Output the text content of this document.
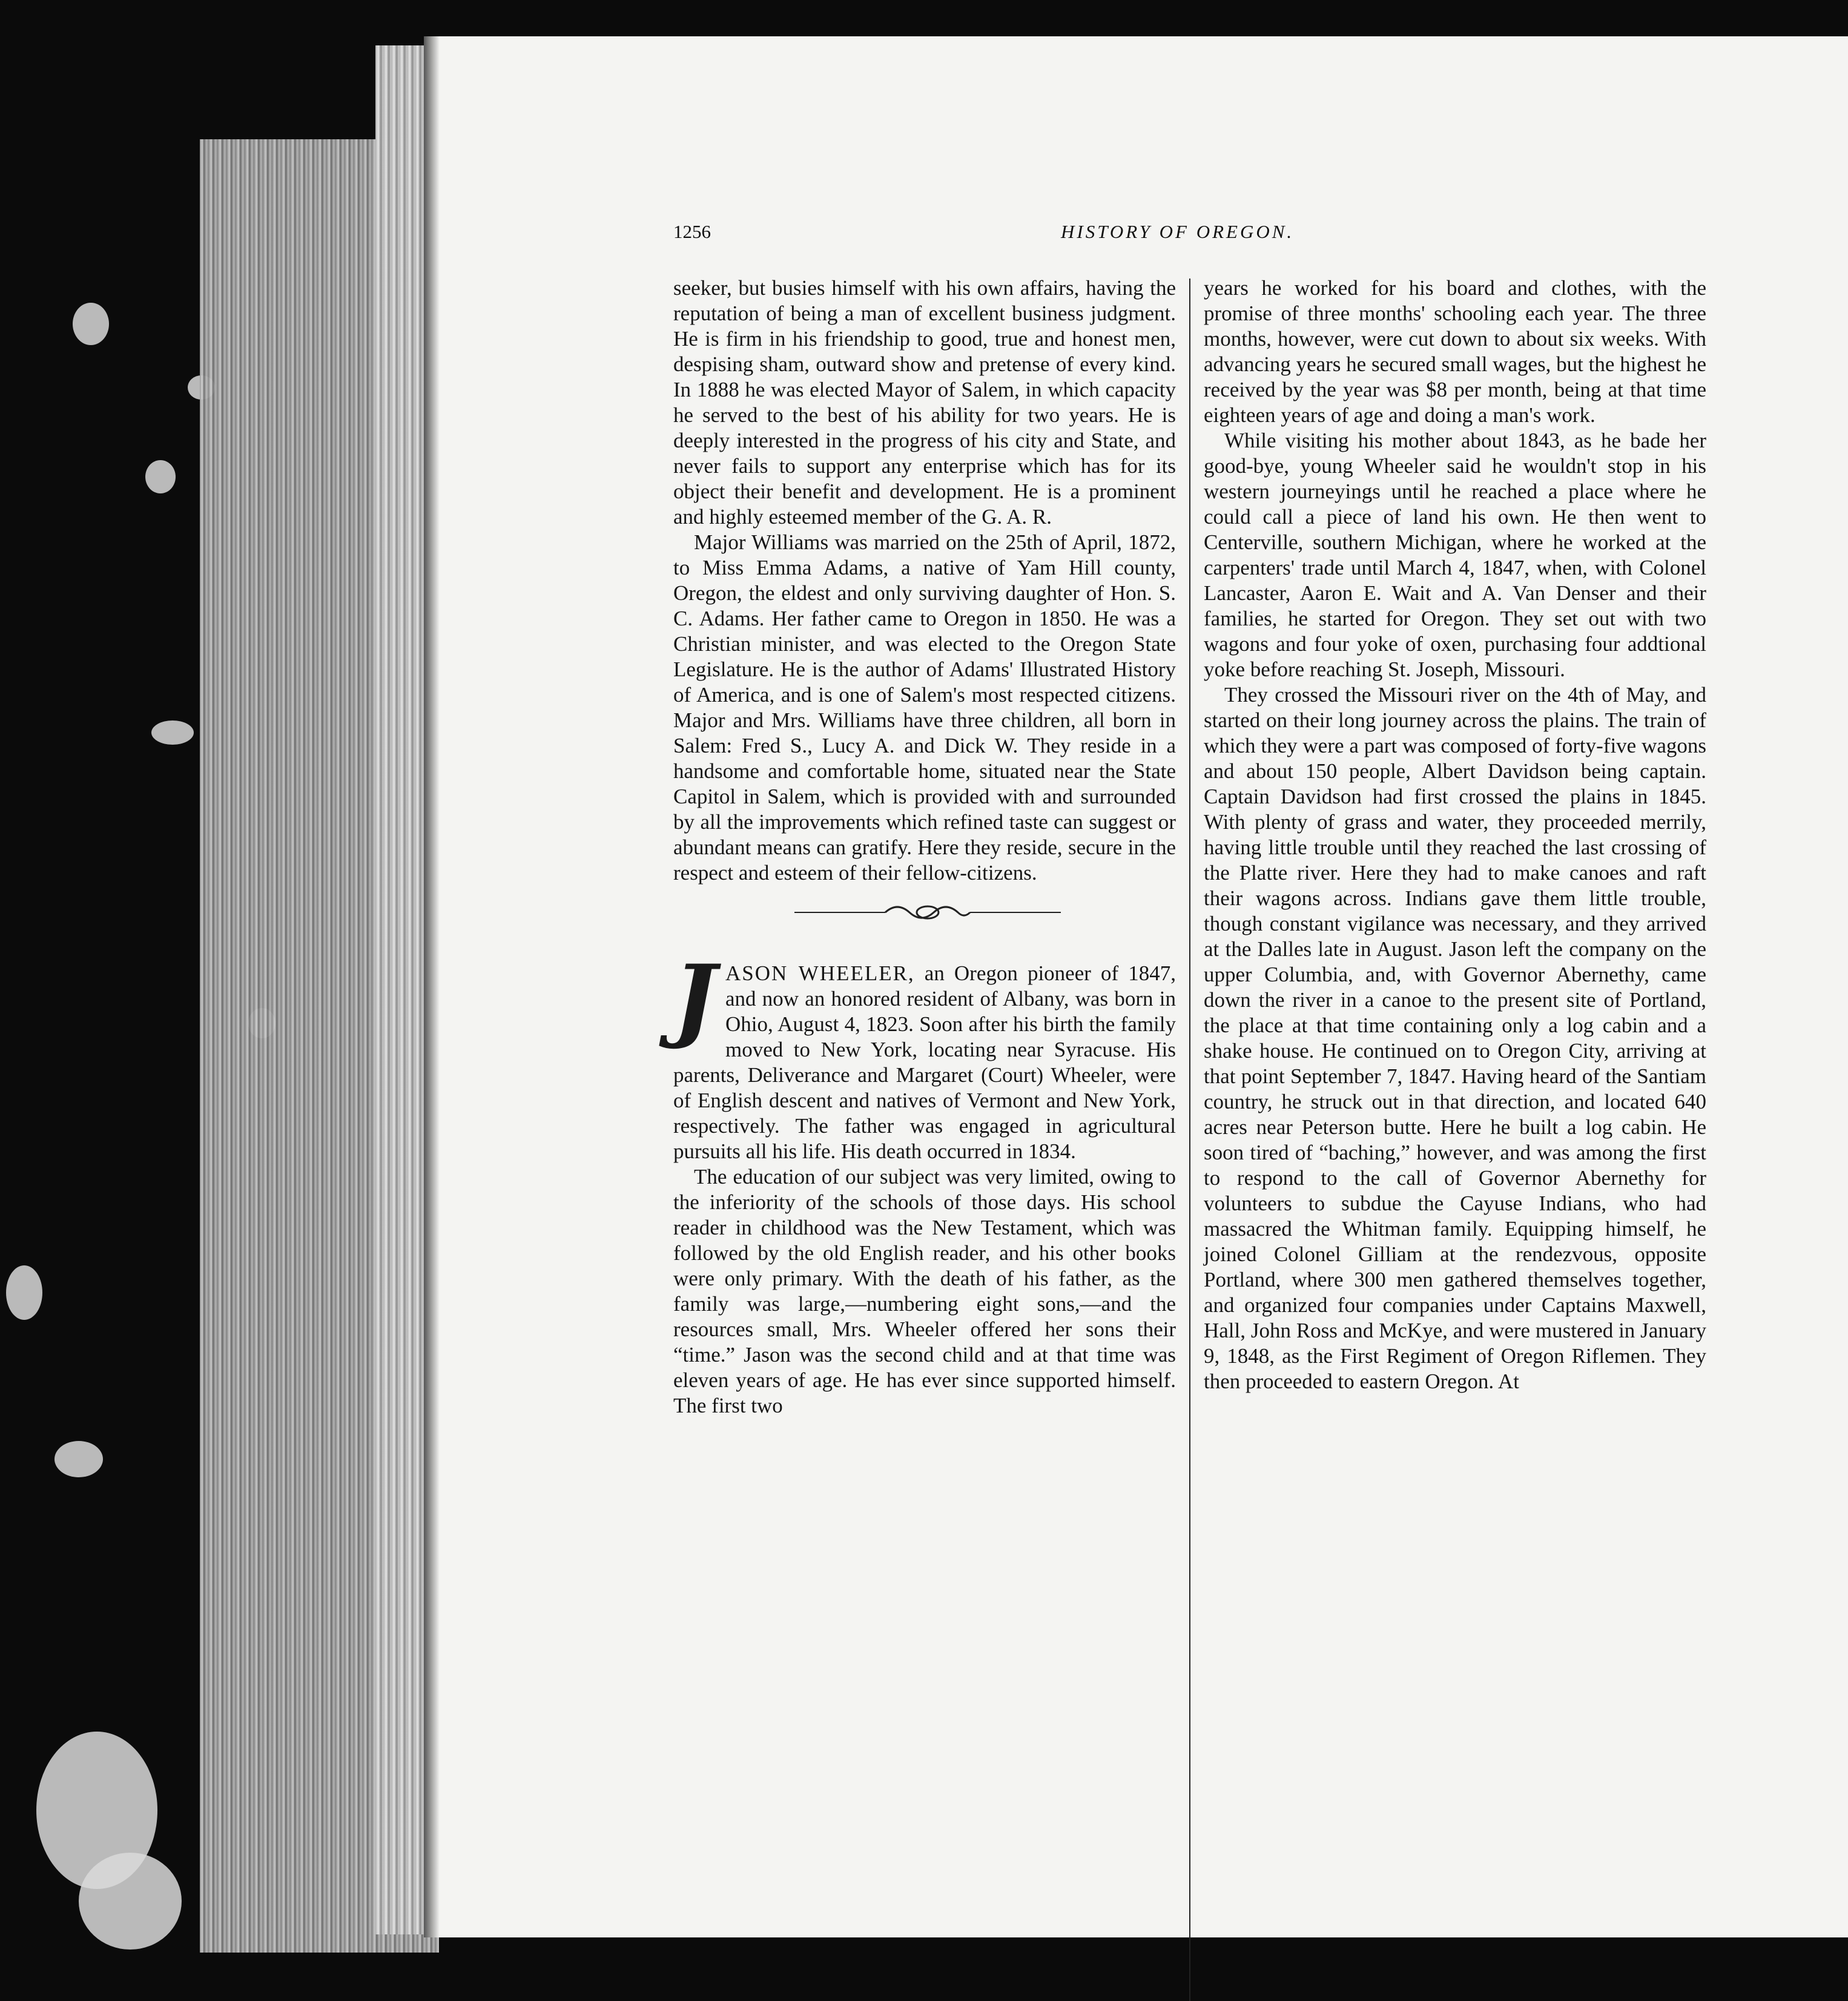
1256	HISTORY OF OREGON.

seeker, but busies himself with his own affairs, having the reputation of being a man of excellent business judgment. He is firm in his friendship to good, true and honest men, despising sham, outward show and pretense of every kind. In 1888 he was elected Mayor of Salem, in which capacity he served to the best of his ability for two years. He is deeply interested in the progress of his city and State, and never fails to support any enterprise which has for its object their benefit and development. He is a prominent and highly esteemed member of the G. A. R.

Major Williams was married on the 25th of April, 1872, to Miss Emma Adams, a native of Yam Hill county, Oregon, the eldest and only surviving daughter of Hon. S. C. Adams. Her father came to Oregon in 1850. He was a Christian minister, and was elected to the Oregon State Legislature. He is the author of Adams' Illustrated History of America, and is one of Salem's most respected citizens. Major and Mrs. Williams have three children, all born in Salem: Fred S., Lucy A. and Dick W. They reside in a handsome and comfortable home, situated near the State Capitol in Salem, which is provided with and surrounded by all the improvements which refined taste can suggest or abundant means can gratify. Here they reside, secure in the respect and esteem of their fellow-citizens.

J ASON WHEELER, an Oregon pioneer of 1847, and now an honored resident of Albany, was born in Ohio, August 4, 1823. Soon after his birth the family moved to New York, locating near Syracuse. His parents, Deliverance and Margaret (Court) Wheeler, were of English descent and natives of Vermont and New York, respectively. The father was engaged in agricultural pursuits all his life. His death occurred in 1834.

The education of our subject was very limited, owing to the inferiority of the schools of those days. His school reader in childhood was the New Testament, which was followed by the old English reader, and his other books were only primary. With the death of his father, as the family was large,—numbering eight sons,—and the resources small, Mrs. Wheeler offered her sons their “time.” Jason was the second child and at that time was eleven years of age. He has ever since supported himself. The first two

years he worked for his board and clothes, with the promise of three months' schooling each year. The three months, however, were cut down to about six weeks. With advancing years he secured small wages, but the highest he received by the year was $8 per month, being at that time eighteen years of age and doing a man's work.

While visiting his mother about 1843, as he bade her good-bye, young Wheeler said he wouldn't stop in his western journeyings until he reached a place where he could call a piece of land his own. He then went to Centerville, southern Michigan, where he worked at the carpenters' trade until March 4, 1847, when, with Colonel Lancaster, Aaron E. Wait and A. Van Denser and their families, he started for Oregon. They set out with two wagons and four yoke of oxen, purchasing four addtional yoke before reaching St. Joseph, Missouri.

They crossed the Missouri river on the 4th of May, and started on their long journey across the plains. The train of which they were a part was composed of forty-five wagons and about 150 people, Albert Davidson being captain. Captain Davidson had first crossed the plains in 1845. With plenty of grass and water, they proceeded merrily, having little trouble until they reached the last crossing of the Platte river. Here they had to make canoes and raft their wagons across. Indians gave them little trouble, though constant vigilance was necessary, and they arrived at the Dalles late in August. Jason left the company on the upper Columbia, and, with Governor Abernethy, came down the river in a canoe to the present site of Portland, the place at that time containing only a log cabin and a shake house. He continued on to Oregon City, arriving at that point September 7, 1847. Having heard of the Santiam country, he struck out in that direction, and located 640 acres near Peterson butte. Here he built a log cabin. He soon tired of “baching,” however, and was among the first to respond to the call of Governor Abernethy for volunteers to subdue the Cayuse Indians, who had massacred the Whitman family. Equipping himself, he joined Colonel Gilliam at the rendezvous, opposite Portland, where 300 men gathered themselves together, and organized four companies under Captains Maxwell, Hall, John Ross and McKye, and were mustered in January 9, 1848, as the First Regiment of Oregon Riflemen. They then proceeded to eastern Oregon. At
